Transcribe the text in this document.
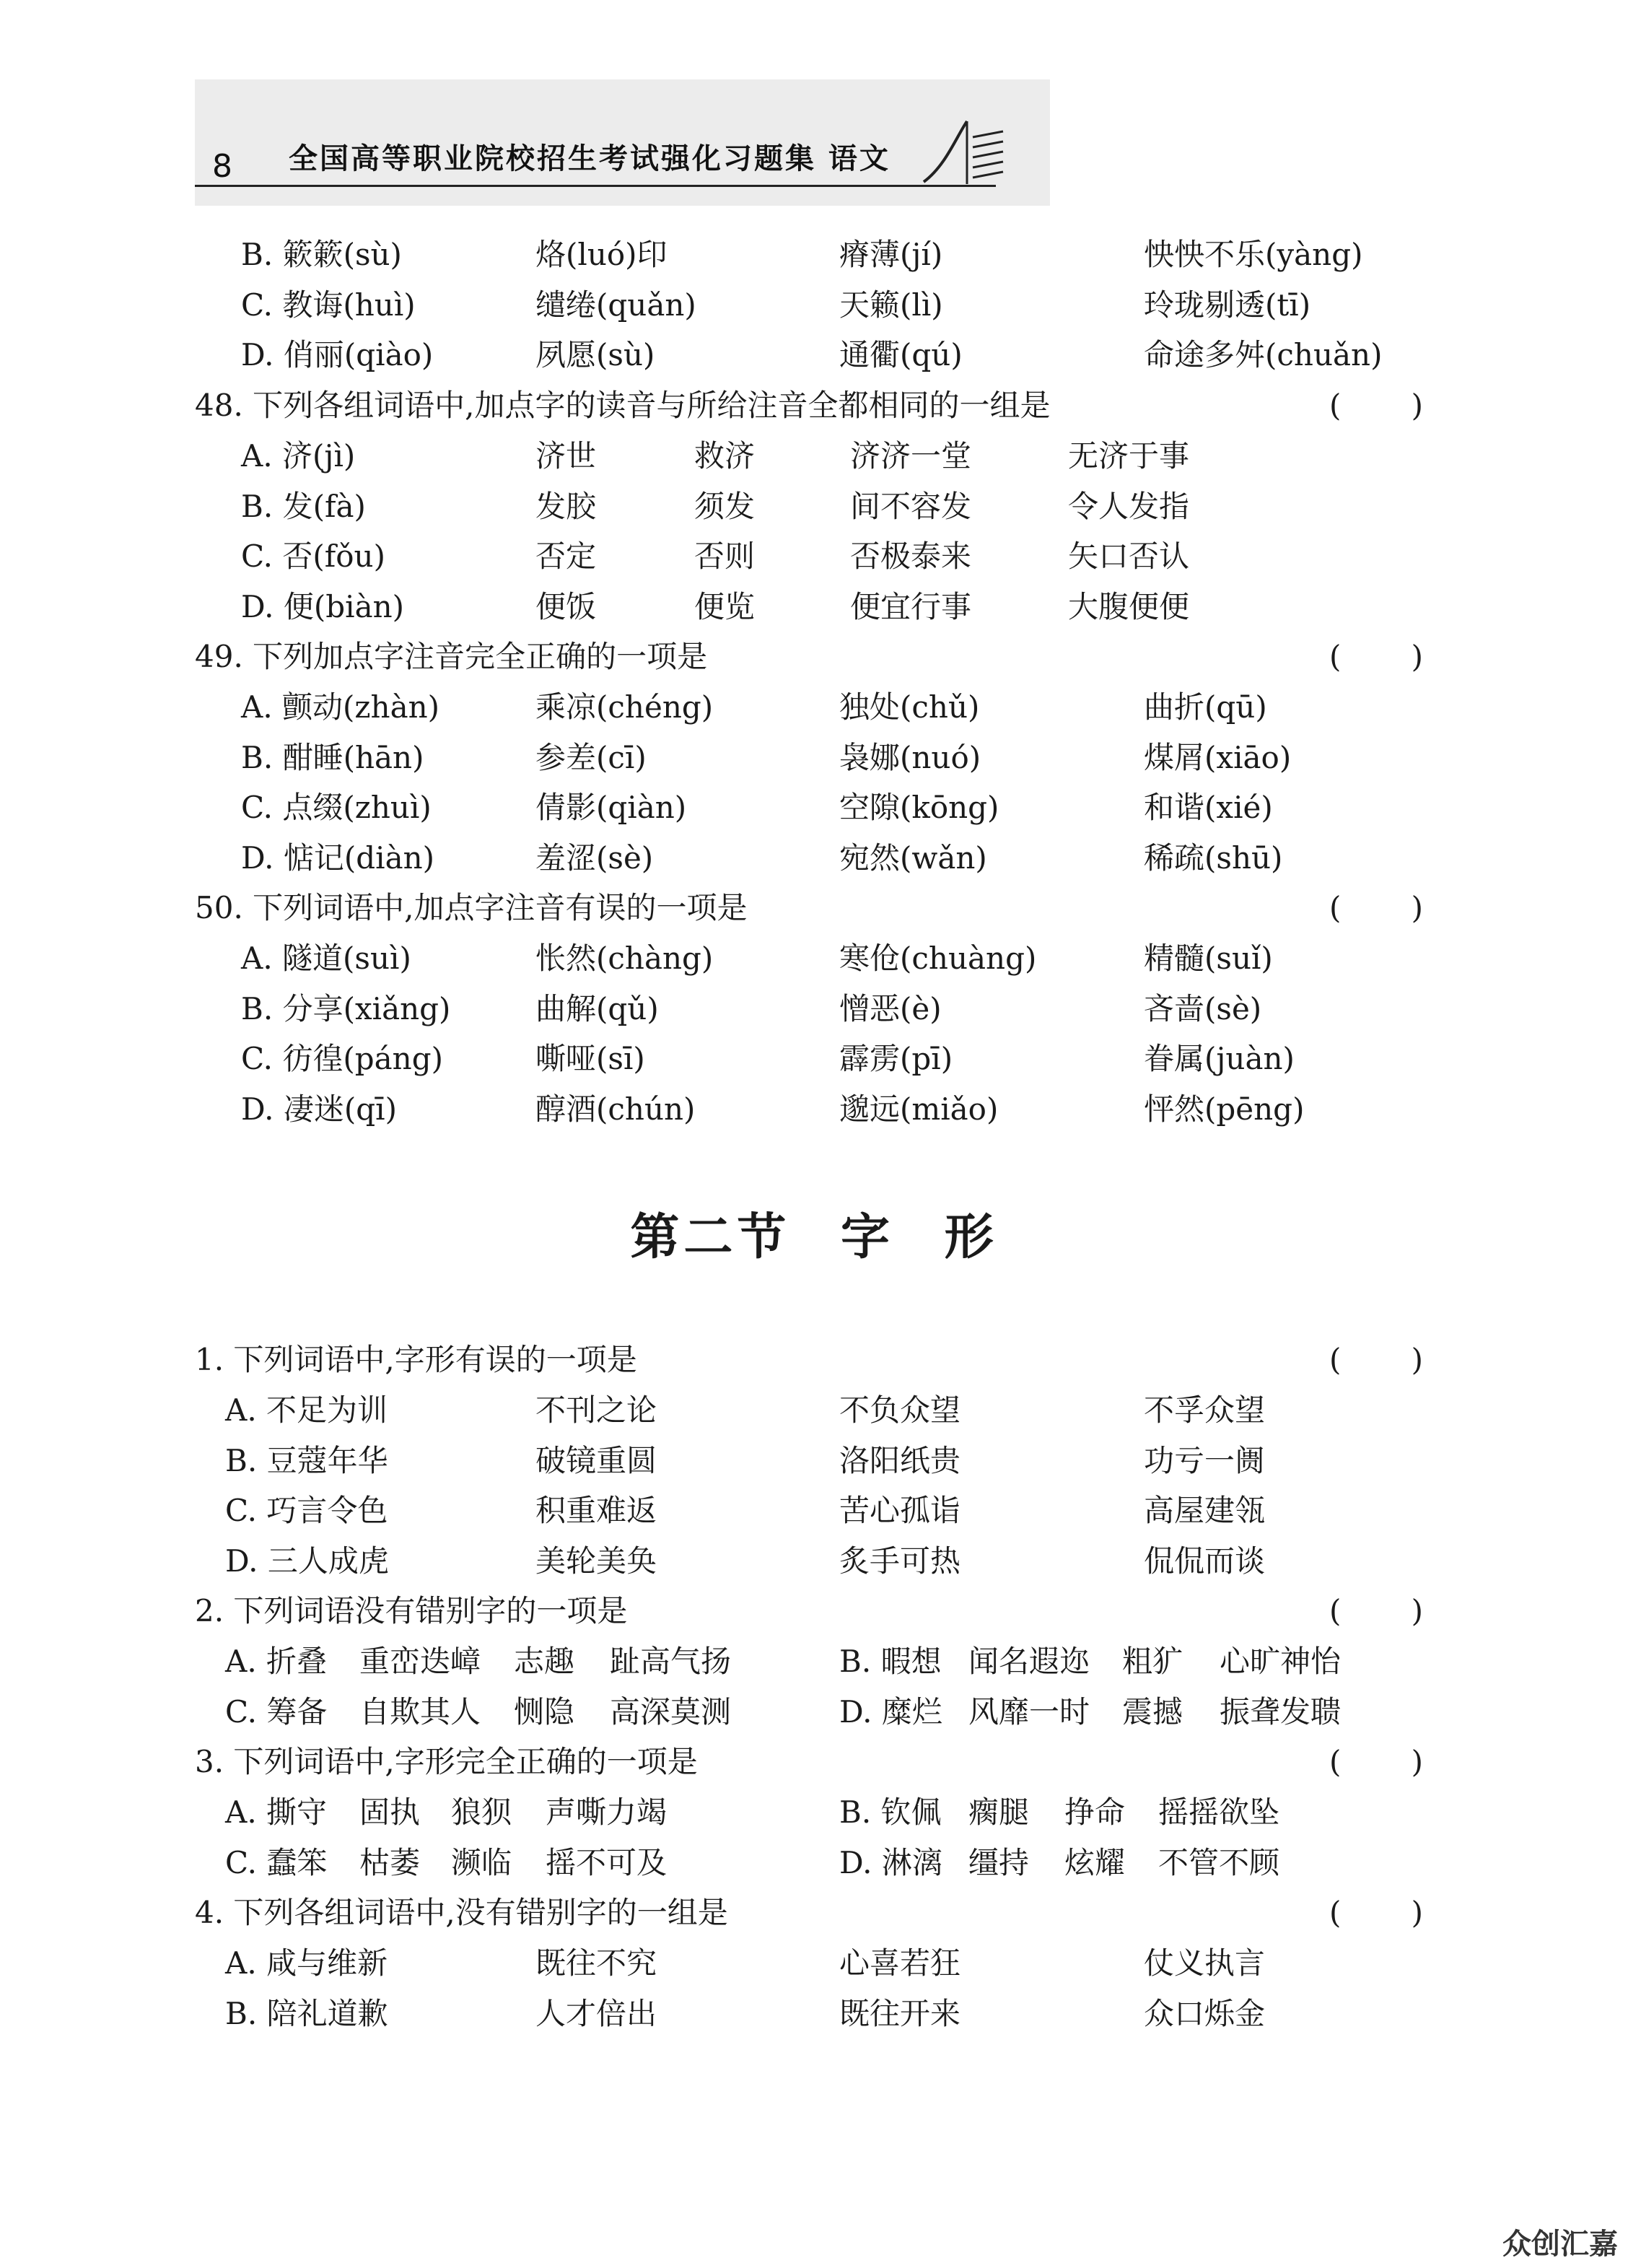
8 全国高等职业院校招生考试强化习题集 语文
B. 簌簌(sù)	烙(luó)印	瘠薄(jí)	怏怏不乐(yàng)
C. 教诲(huì)	缱绻(quǎn)	天籁(lì)	玲珑剔透(tī)
D. 俏丽(qiào)	夙愿(sù)	通衢(qú)	命途多舛(chuǎn)
48. 下列各组词语中,加点字的读音与所给注音全都相同的一组是	( )
A. 济(jì)	济世	救济	济济一堂	无济于事
B. 发(fà)	发胶	须发	间不容发	令人发指
C. 否(fǒu)	否定	否则	否极泰来	矢口否认
D. 便(biàn)	便饭	便览	便宜行事	大腹便便
49. 下列加点字注音完全正确的一项是	( )
A. 颤动(zhàn)	乘凉(chéng)	独处(chǔ)	曲折(qū)
B. 酣睡(hān)	参差(cī)	袅娜(nuó)	煤屑(xiāo)
C. 点缀(zhuì)	倩影(qiàn)	空隙(kōng)	和谐(xié)
D. 惦记(diàn)	羞涩(sè)	宛然(wǎn)	稀疏(shū)
50. 下列词语中,加点字注音有误的一项是	( )
A. 隧道(suì)	怅然(chàng)	寒伧(chuàng)	精髓(suǐ)
B. 分享(xiǎng)	曲解(qǔ)	憎恶(è)	吝啬(sè)
C. 彷徨(páng)	嘶哑(sī)	霹雳(pī)	眷属(juàn)
D. 凄迷(qī)	醇酒(chún)	邈远(miǎo)	怦然(pēng)
1. 下列词语中,字形有误的一项是	( )
A. 不足为训	不刊之论	不负众望	不孚众望
B. 豆蔻年华	破镜重圆	洛阳纸贵	功亏一阓
C. 巧言令色	积重难返	苦心孤诣	高屋建瓴
D. 三人成虎	美轮美奂	炙手可热	侃侃而谈
2. 下列词语没有错别字的一项是	( )
A. 折叠 重峦迭嶂 志趣 趾高气扬	B. 暇想 闻名遐迩 粗犷 心旷神怡
C. 筹备 自欺其人 恻隐 高深莫测	D. 糜烂 风靡一时 震撼 振聋发聩
3. 下列词语中,字形完全正确的一项是	( )
A. 撕守 固执 狼狈 声嘶力竭	B. 钦佩 瘸腿 挣命 摇摇欲坠
C. 蠢笨 枯萎 濒临 摇不可及	D. 淋漓 缰持 炫耀 不管不顾
4. 下列各组词语中,没有错别字的一组是	( )
A. 咸与维新	既往不究	心喜若狂	仗义执言
B. 陪礼道歉	人才倍出	既往开来	众口烁金
第二节 字 形
众创汇嘉
